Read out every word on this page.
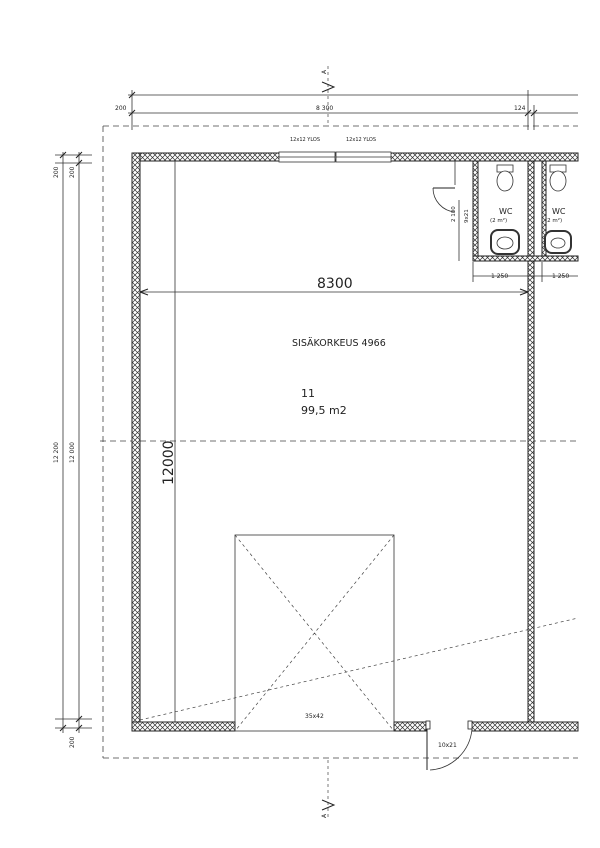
A
A
200	8 300	124
200 200
12 200 12 000
200
12x12 YLOS	12x12 YLOS
9x21
2 100
1 250	1 250
WC
(2 m²)
WC
(2 m²)
8300
12000
SISÄKORKEUS 4966
11
99,5 m2
35x42
10x21
